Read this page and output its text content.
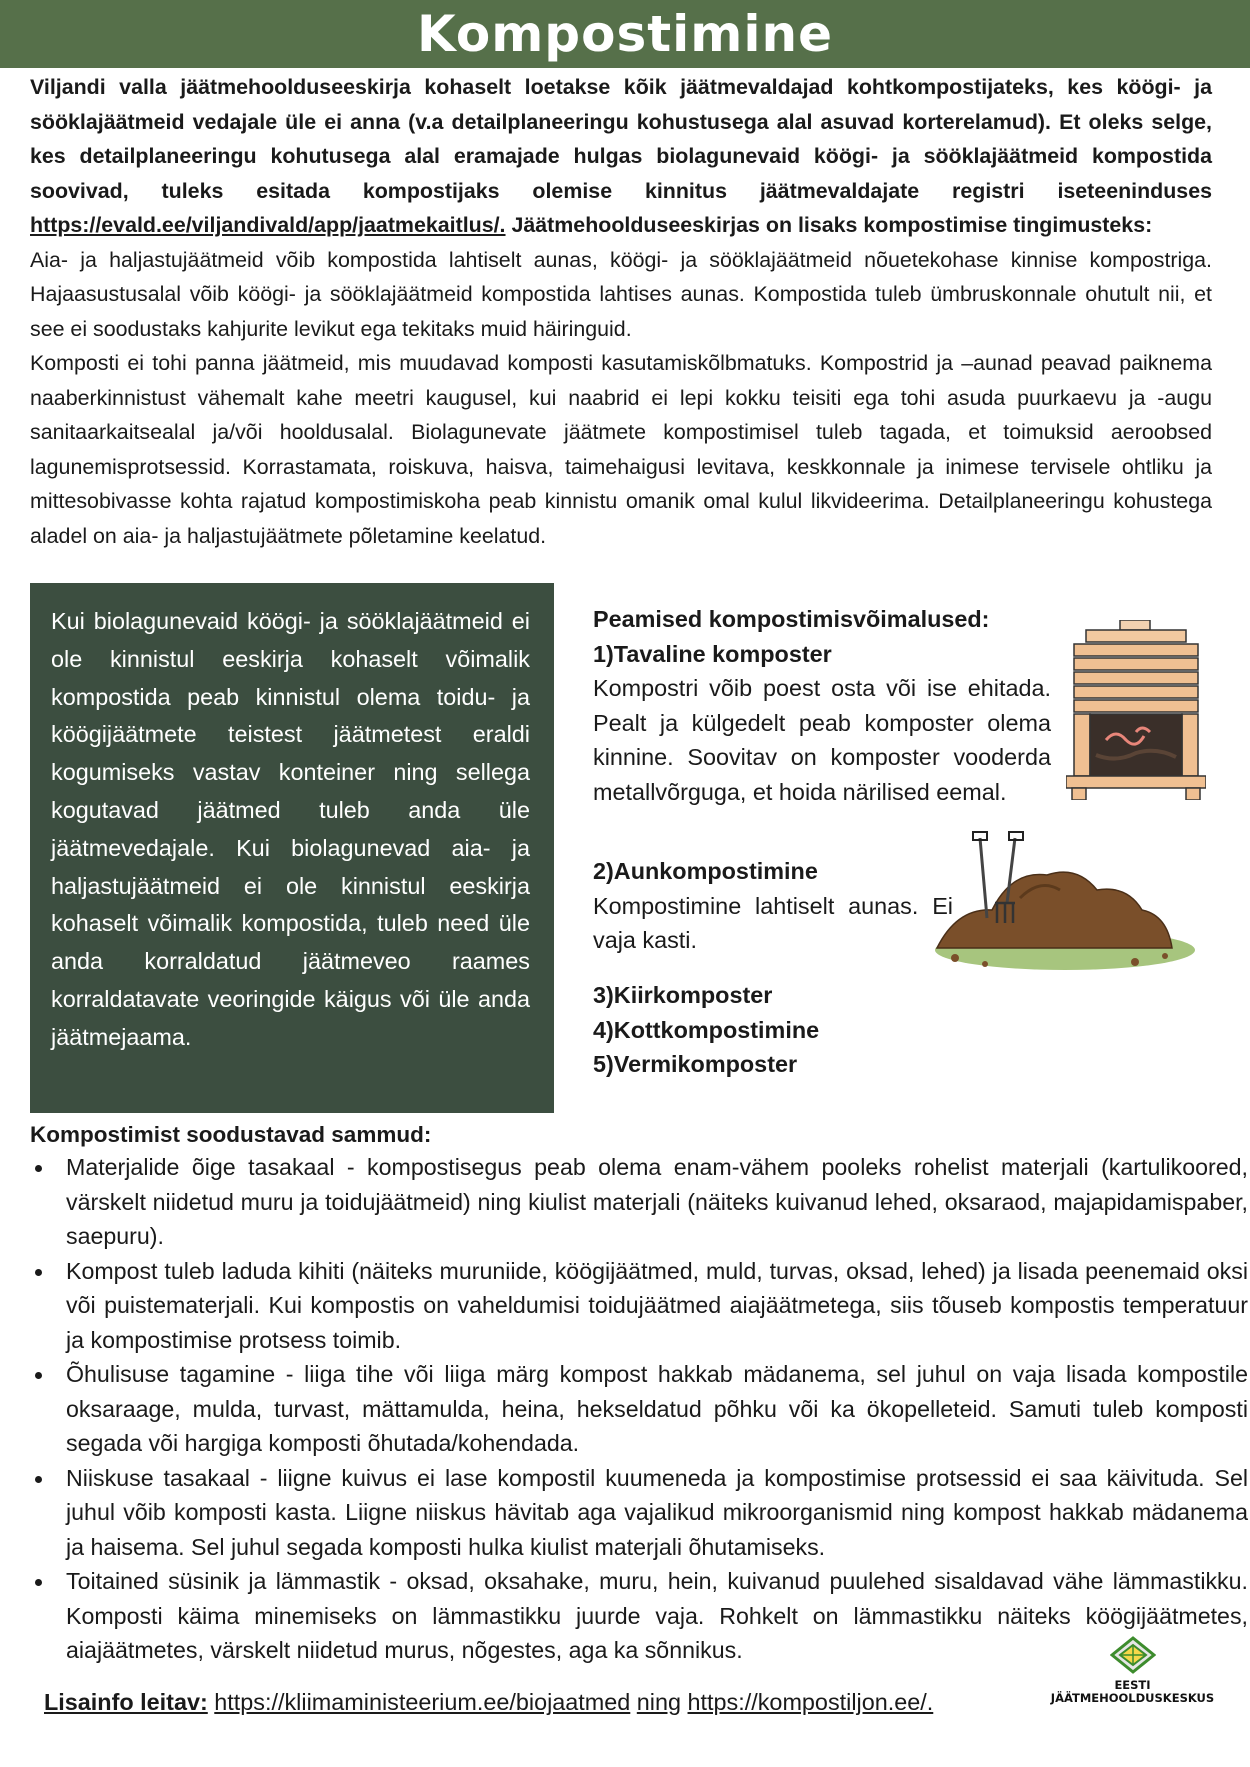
Kompostimine

Viljandi valla jäätmehoolduseeskirja kohaselt loetakse kõik jäätmevaldajad kohtkompostijateks, kes köögi- ja sööklajäätmeid vedajale üle ei anna (v.a detailplaneeringu kohustusega alal asuvad korterelamud). Et oleks selge, kes detailplaneeringu kohutusega alal eramajade hulgas biolagunevaid köögi- ja sööklajäätmeid kompostida soovivad, tuleks esitada kompostijaks olemise kinnitus jäätmevaldajate registri iseteeninduses https://evald.ee/viljandivald/app/jaatmekaitlus/. Jäätmehoolduseeskirjas on lisaks kompostimise tingimusteks:

Aia- ja haljastujäätmeid võib kompostida lahtiselt aunas, köögi- ja sööklajäätmeid nõuetekohase kinnise kompostriga. Hajaasustusalal võib köögi- ja sööklajäätmeid kompostida lahtises aunas. Kompostida tuleb ümbruskonnale ohutult nii, et see ei soodustaks kahjurite levikut ega tekitaks muid häiringuid.

Komposti ei tohi panna jäätmeid, mis muudavad komposti kasutamiskõlbmatuks. Kompostrid ja –aunad peavad paiknema naaberkinnistust vähemalt kahe meetri kaugusel, kui naabrid ei lepi kokku teisiti ega tohi asuda puurkaevu ja -augu sanitaarkaitsealal ja/või hooldusalal. Biolagunevate jäätmete kompostimisel tuleb tagada, et toimuksid aeroobsed lagunemisprotsessid. Korrastamata, roiskuva, haisva, taimehaigusi levitava, keskkonnale ja inimese tervisele ohtliku ja mittesobivasse kohta rajatud kompostimiskoha peab kinnistu omanik omal kulul likvideerima. Detailplaneeringu kohustega aladel on aia- ja haljastujäätmete põletamine keelatud.

Kui biolagunevaid köögi- ja sööklajäätmeid ei ole kinnistul eeskirja kohaselt võimalik kompostida peab kinnistul olema toidu- ja köögijäätmete teistest jäätmetest eraldi kogumiseks vastav konteiner ning sellega kogutavad jäätmed tuleb anda üle jäätmevedajale. Kui biolagunevad aia- ja haljastujäätmeid ei ole kinnistul eeskirja kohaselt võimalik kompostida, tuleb need üle anda korraldatud jäätmeveo raames korraldatavate veoringide käigus või üle anda jäätmejaama.

Peamised kompostimisvõimalused:
1)Tavaline komposter
Kompostri võib poest osta või ise ehitada. Pealt ja külgedelt peab komposter olema kinnine. Soovitav on komposter vooderda metallvõrguga, et hoida närilised eemal.
2)Aunkompostimine
Kompostimine lahtiselt aunas. Ei vaja kasti.
3)Kiirkomposter
4)Kottkompostimine
5)Vermikomposter
Kompostimist soodustavad sammud:
Materjalide õige tasakaal - kompostisegus peab olema enam-vähem pooleks rohelist materjali (kartulikoored, värskelt niidetud muru ja toidujäätmeid) ning kiulist materjali (näiteks kuivanud lehed, oksaraod, majapidamispaber, saepuru).
Kompost tuleb laduda kihiti (näiteks muruniide, köögijäätmed, muld, turvas, oksad, lehed) ja lisada peenemaid oksi või puistematerjali. Kui kompostis on vaheldumisi toidujäätmed aiajäätmetega, siis tõuseb kompostis temperatuur ja kompostimise protsess toimib.
Õhulisuse tagamine - liiga tihe või liiga märg kompost hakkab mädanema, sel juhul on vaja lisada kompostile oksaraage, mulda, turvast, mättamulda, heina, hekseldatud põhku või ka ökopelleteid. Samuti tuleb komposti segada või hargiga komposti õhutada/kohendada.
Niiskuse tasakaal - liigne kuivus ei lase kompostil kuumeneda ja kompostimise protsessid ei saa käivituda. Sel juhul võib komposti kasta. Liigne niiskus hävitab aga vajalikud mikroorganismid ning kompost hakkab mädanema ja haisema. Sel juhul segada komposti hulka kiulist materjali õhutamiseks.
Toitained süsinik ja lämmastik - oksad, oksahake, muru, hein, kuivanud puulehed sisaldavad vähe lämmastikku. Komposti käima minemiseks on lämmastikku juurde vaja. Rohkelt on lämmastikku näiteks köögijäätmetes, aiajäätmetes, värskelt niidetud murus, nõgestes, aga ka sõnnikus.
Lisainfo leitav: https://kliimaministeerium.ee/biojaatmed ning https://kompostiljon.ee/.
EESTI
JÄÄTMEHOOLDUSKESKUS
